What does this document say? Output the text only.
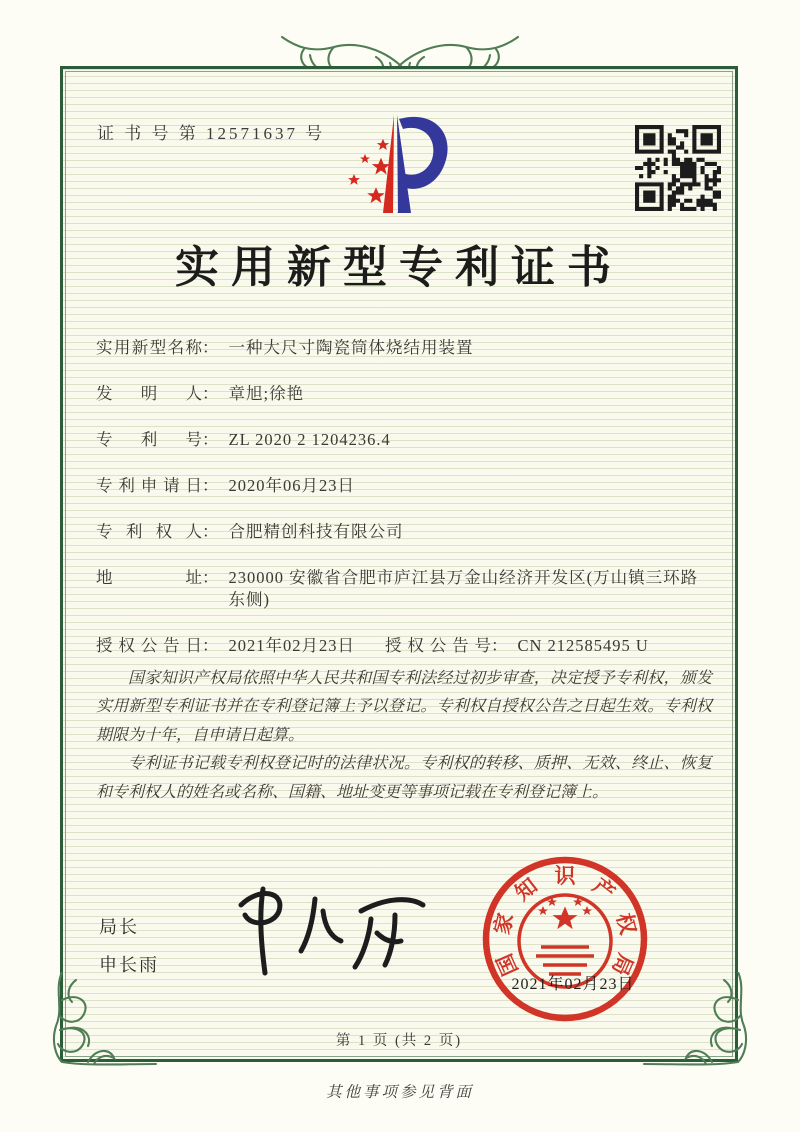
证 书 号 第 12571637 号
实用新型专利证书
实用新型名称 ： 一种大尺寸陶瓷筒体烧结用装置
发明人 ： 章旭;徐艳
专利号 ： ZL 2020 2 1204236.4
专利申请日 ： 2020年06月23日
专利权人 ： 合肥精创科技有限公司
地址 ： 230000 安徽省合肥市庐江县万金山经济开发区(万山镇三环路东侧)
授权公告日 ： 2021年02月23日 授权公告号 ： CN 212585495 U

国家知识产权局依照中华人民共和国专利法经过初步审查，决定授予专利权，颁发实用新型专利证书并在专利登记簿上予以登记。专利权自授权公告之日起生效。专利权期限为十年，自申请日起算。

专利证书记载专利权登记时的法律状况。专利权的转移、质押、无效、终止、恢复和专利权人的姓名或名称、国籍、地址变更等事项记载在专利登记簿上。

局长
申长雨	国
家
知 识 产
权
局
2021年02月23日
第 1 页 (共 2 页)
其他事项参见背面
